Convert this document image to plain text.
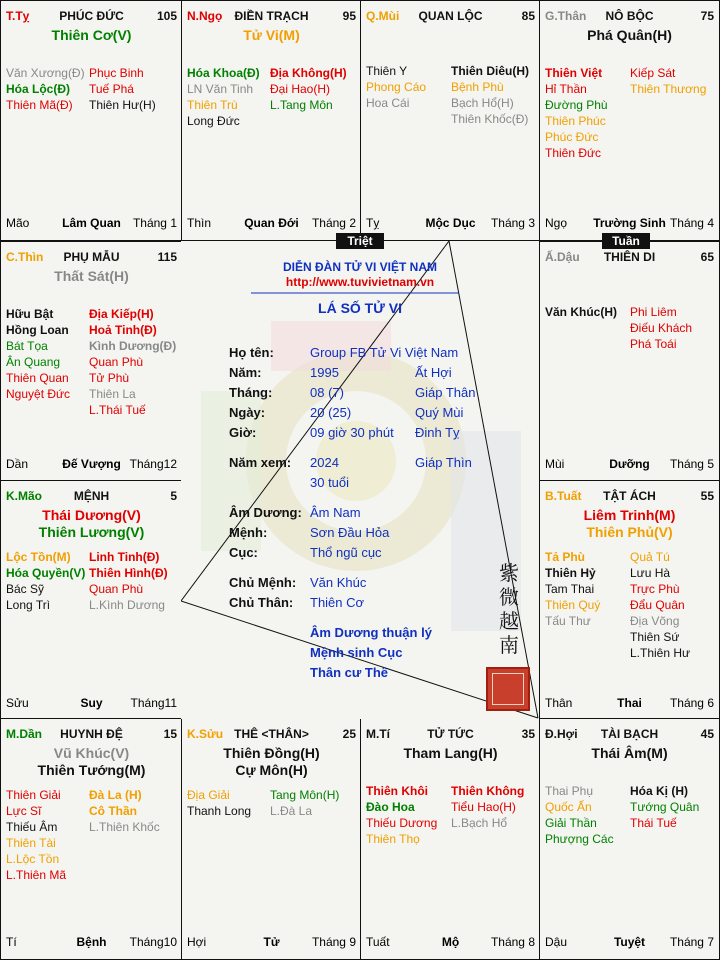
PHÚC ĐỨC
T.Tỵ	105
Thiên Cơ(V)
Văn Xương(Đ)
Hóa Lộc(Đ)
Thiên Mã(Đ)
Phục Binh
Tuế Phá
Thiên Hư(H)
Lâm Quan
Mão	Tháng 1
ĐIỀN TRẠCH
N.Ngọ	95
Tử Vi(M)
Hóa Khoa(Đ)
LN Văn Tinh
Thiên Trù
Long Đức
Địa Không(H)
Đại Hao(H)
L.Tang Môn
Quan Đới
Thìn	Tháng 2
QUAN LỘC
Q.Mùi	85
Thiên Y
Phong Cáo
Hoa Cái
Thiên Diêu(H)
Bệnh Phù
Bạch Hổ(H)
Thiên Khốc(Đ)
Mộc Dục
Tỵ	Tháng 3
NÔ BỘC
G.Thân	75
Phá Quân(H)
Thiên Việt
Hỉ Thần
Đường Phù
Thiên Phúc
Phúc Đức
Thiên Đức
Kiếp Sát
Thiên Thương
Trường Sinh
Ngọ	Tháng 4
PHỤ MẪU
C.Thìn	115
Thất Sát(H)
Hữu Bật
Hồng Loan
Bát Tọa
Ân Quang
Thiên Quan
Nguyệt Đức
Địa Kiếp(H)
Hoả Tinh(Đ)
Kình Dương(Đ)
Quan Phù
Tử Phù
Thiên La
L.Thái Tuế
Đế Vượng
Dần	Tháng12
THIÊN DI
Ấ.Dậu	65
Văn Khúc(H) Phi Liêm
Điếu Khách
Phá Toái
Dưỡng
Mùi	Tháng 5
MỆNH
K.Mão	5
Thái Dương(V)
Thiên Lương(V)
Lộc Tồn(M)
Hóa Quyền(V)
Bác Sỹ
Long Trì
Linh Tinh(Đ)
Thiên Hình(Đ)
Quan Phù
L.Kình Dương
Suy
Sửu	Tháng11
TẬT ÁCH
B.Tuất	55
Liêm Trinh(M)
Thiên Phủ(V)
Tả Phù
Thiên Hỷ
Tam Thai
Thiên Quý
Tấu Thư
Quả Tú
Lưu Hà
Trực Phù
Đẩu Quân
Địa Võng
Thiên Sứ
L.Thiên Hư
Thai
Thân	Tháng 6
HUYNH ĐỆ
M.Dần	15
Vũ Khúc(V)
Thiên Tướng(M)
Thiên Giải
Lực Sĩ
Thiếu Âm
Thiên Tài
L.Lộc Tồn
L.Thiên Mã
Đà La (H)
Cô Thần
L.Thiên Khốc
Bệnh
Tí	Tháng10
THÊ <THÂN>
K.Sửu	25
Thiên Đồng(H)
Cự Môn(H)
Địa Giải
Thanh Long
Tang Môn(H)
L.Đà La
Tử
Hợi	Tháng 9
TỬ TỨC
M.Tí	35
Tham Lang(H)
Thiên Khôi
Đào Hoa
Thiếu Dương
Thiên Thọ
Thiên Không
Tiểu Hao(H)
L.Bạch Hổ
Mộ
Tuất	Tháng 8
TÀI BẠCH
Đ.Hợi	45
Thái Âm(M)
Thai Phụ
Quốc Ấn
Giải Thần
Phượng Các
Hóa Kị (H)
Tướng Quân
Thái Tuế
Tuyệt
Dậu	Tháng 7
DIỄN ĐÀN TỬ VI VIỆT NAM
http://www.tuvivietnam.vn
LÁ SỐ TỬ VI
Họ tên:	Group FB Tử Vi Việt Nam
Năm:	1995	Ất Hợi
Tháng:	08 (7)	Giáp Thân
Ngày:	20 (25)	Quý Mùi
Giờ:	09 giờ 30 phút Đinh Tỵ
Năm xem: 2024	Giáp Thìn
30 tuổi
Âm Dương: Âm Nam
Mệnh:	Sơn Đầu Hỏa
Cục:	Thổ ngũ cục
Chủ Mệnh: Văn Khúc
Chủ Thân: Thiên Cơ
Âm Dương thuận lý
Mệnh sinh Cục
Thân cư Thê
紫
微
越
南
Triệt	Tuần
